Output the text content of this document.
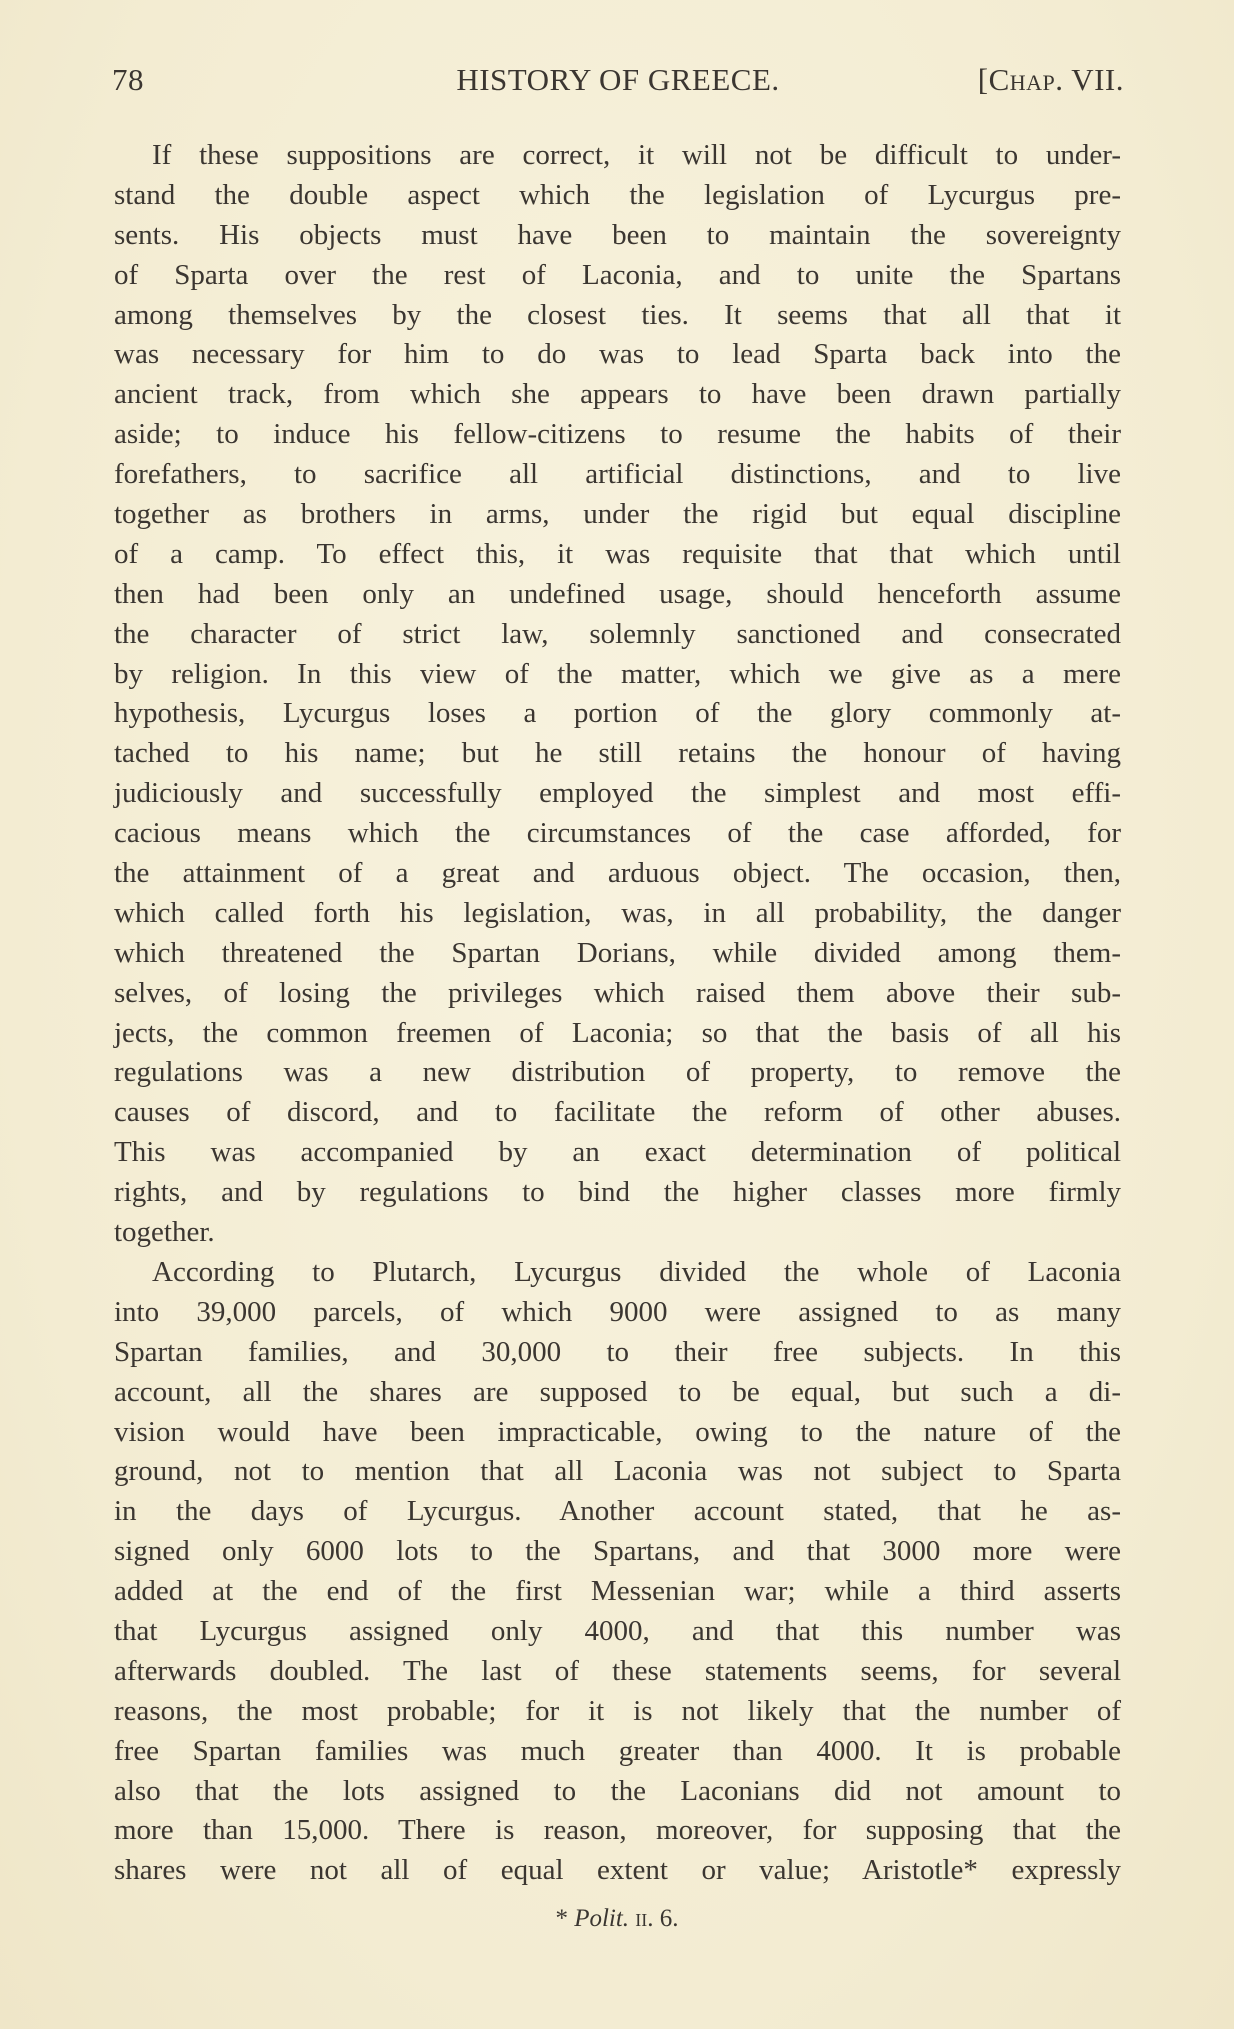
78	HISTORY OF GREECE.	[Chap. VII.
If these suppositions are correct, it will not be difficult to under-
stand the double aspect which the legislation of Lycurgus pre-
sents. His objects must have been to maintain the sovereignty
of Sparta over the rest of Laconia, and to unite the Spartans
among themselves by the closest ties. It seems that all that it
was necessary for him to do was to lead Sparta back into the
ancient track, from which she appears to have been drawn partially
aside; to induce his fellow-citizens to resume the habits of their
forefathers, to sacrifice all artificial distinctions, and to live
together as brothers in arms, under the rigid but equal discipline
of a camp. To effect this, it was requisite that that which until
then had been only an undefined usage, should henceforth assume
the character of strict law, solemnly sanctioned and consecrated
by religion. In this view of the matter, which we give as a mere
hypothesis, Lycurgus loses a portion of the glory commonly at-
tached to his name; but he still retains the honour of having
judiciously and successfully employed the simplest and most effi-
cacious means which the circumstances of the case afforded, for
the attainment of a great and arduous object. The occasion, then,
which called forth his legislation, was, in all probability, the danger
which threatened the Spartan Dorians, while divided among them-
selves, of losing the privileges which raised them above their sub-
jects, the common freemen of Laconia; so that the basis of all his
regulations was a new distribution of property, to remove the
causes of discord, and to facilitate the reform of other abuses.
This was accompanied by an exact determination of political
rights, and by regulations to bind the higher classes more firmly
together.
According to Plutarch, Lycurgus divided the whole of Laconia
into 39,000 parcels, of which 9000 were assigned to as many
Spartan families, and 30,000 to their free subjects. In this
account, all the shares are supposed to be equal, but such a di-
vision would have been impracticable, owing to the nature of the
ground, not to mention that all Laconia was not subject to Sparta
in the days of Lycurgus. Another account stated, that he as-
signed only 6000 lots to the Spartans, and that 3000 more were
added at the end of the first Messenian war; while a third asserts
that Lycurgus assigned only 4000, and that this number was
afterwards doubled. The last of these statements seems, for several
reasons, the most probable; for it is not likely that the number of
free Spartan families was much greater than 4000. It is probable
also that the lots assigned to the Laconians did not amount to
more than 15,000. There is reason, moreover, for supposing that the
shares were not all of equal extent or value; Aristotle* expressly
* Polit. ii. 6.
